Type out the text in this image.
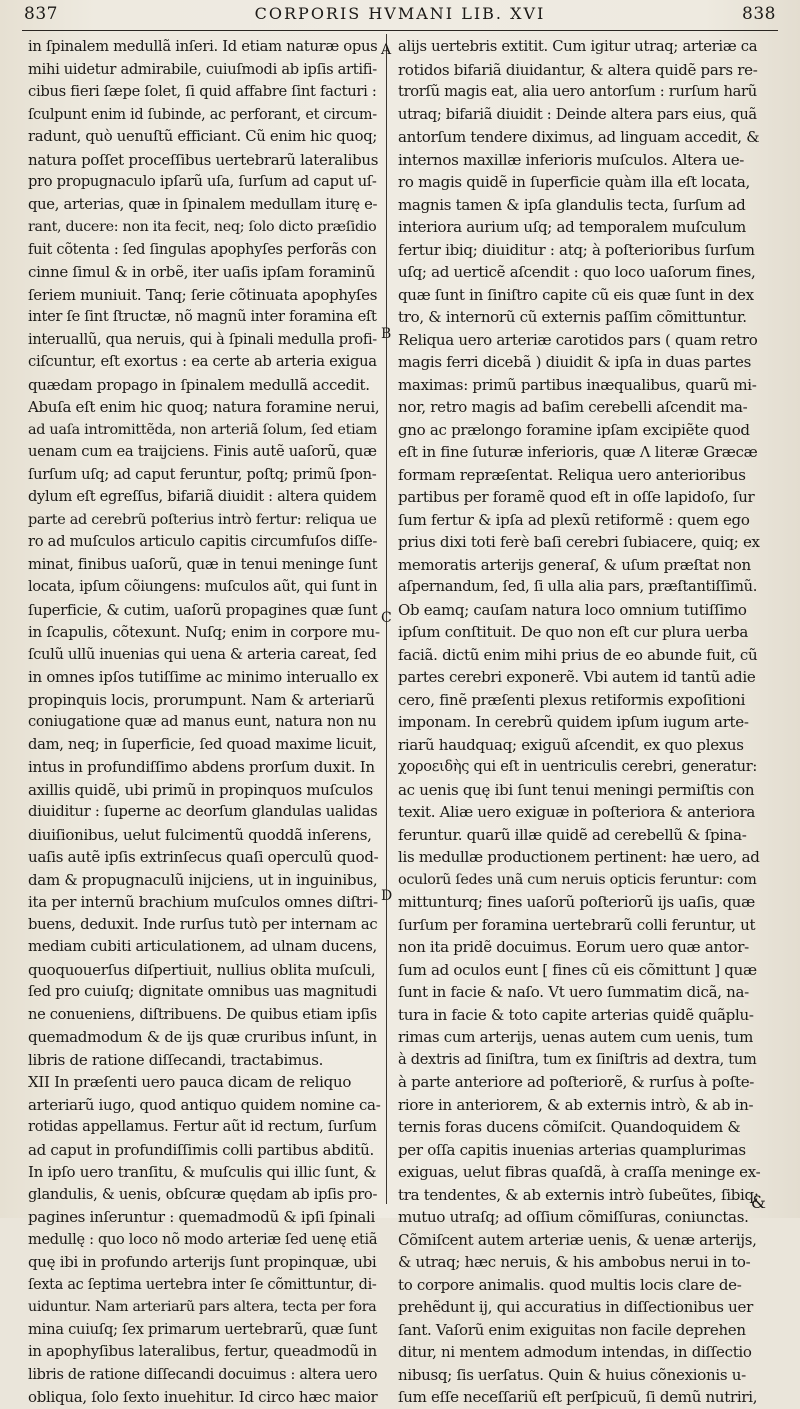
837	CORPORIS HVMANI LIB. XVI	838
in ſpinalem medullã inſeri. Id etiam naturæ opus
mihi uidetur admirabile, cuiuſmodi ab ipſis artifi-
cibus fieri ſæpe ſolet, ſi quid affabre ſint facturi :
ſculpunt enim id ſubinde, ac perforant, et circum-
radunt, quò uenuſtũ efficiant. Cũ enim hic quoq;
natura poſſet proceſſibus uertebrarũ lateralibus
pro propugnaculo ipſarũ uſa, ſurſum ad caput uſ-
que, arterias, quæ in ſpinalem medullam iturę e-
rant, ducere: non ita fecit, neq; ſolo dicto præſidio
fuit cõtenta : ſed ſingulas apophyſes perforãs con
cinne ſimul & in orbẽ, iter uaſis ipſam foraminũ
ſeriem muniuit. Tanq; ſerie cõtinuata apophyſes
inter ſe ſint ſtructæ, nõ magnũ inter foramina eſt
interuallũ, qua neruis, qui à ſpinali medulla profi-
ciſcuntur, eſt exortus : ea certe ab arteria exigua
quædam propago in ſpinalem medullã accedit.
Abuſa eſt enim hic quoq; natura foramine nerui,
ad uaſa intromittẽda, non arteriã ſolum, ſed etiam
uenam cum ea traijciens. Finis autẽ uaſorũ, quæ
ſurſum uſq; ad caput feruntur, poſtq; primũ ſpon-
dylum eſt egreſſus, bifariã diuidit : altera quidem
parte ad cerebrũ poſterius intrò fertur: reliqua ue
ro ad muſculos articulo capitis circumfuſos diſſe-
minat, finibus uaſorũ, quæ in tenui meninge ſunt
locata, ipſum cõiungens: muſculos aũt, qui ſunt in
ſuperficie, & cutim, uaſorũ propagines quæ ſunt
in ſcapulis, cõtexunt. Nuſq; enim in corpore mu-
ſculũ ullũ inuenias qui uena & arteria careat, ſed
in omnes ipſos tutiſſime ac minimo interuallo ex
propinquis locis, prorumpunt. Nam & arteriarũ
coniugatione quæ ad manus eunt, natura non nu
dam, neq; in ſuperficie, ſed quoad maxime licuit,
intus in profundiſſimo abdens prorſum duxit. In
axillis quidẽ, ubi primũ in propinquos muſculos
diuiditur : ſuperne ac deorſum glandulas ualidas
diuiſionibus, uelut fulcimentũ quoddã inſerens,
uaſis autẽ ipſis extrinſecus quaſi operculũ quod-
dam & propugnaculũ inijciens, ut in inguinibus,
ita per internũ brachium muſculos omnes diſtri-
buens, deduxit. Inde rurſus tutò per internam ac
mediam cubiti articulationem, ad ulnam ducens,
quoquouerſus diſpertiuit, nullius oblita muſculi,
ſed pro cuiuſq; dignitate omnibus uas magnitudi
ne conueniens, diſtribuens. De quibus etiam ipſis
quemadmodum & de ijs quæ cruribus inſunt, in
libris de ratione diſſecandi, tractabimus.
XII In præſenti uero pauca dicam de reliquo
arteriarũ iugo, quod antiquo quidem nomine ca-
rotidas appellamus. Fertur aũt id rectum, ſurſum
ad caput in profundiſſimis colli partibus abditũ.
In ipſo uero tranſitu, & muſculis qui illic ſunt, &
glandulis, & uenis, obſcuræ quędam ab ipſis pro-
pagines inſeruntur : quemadmodũ & ipſi ſpinali
medullę : quo loco nõ modo arteriæ ſed uenę etiã
quę ibi in profundo arterijs ſunt propinquæ, ubi
ſexta ac ſeptima uertebra inter ſe cõmittuntur, di-
uiduntur. Nam arteriarũ pars altera, tecta per fora
mina cuiuſq; ſex primarum uertebrarũ, quæ ſunt
in apophyſibus lateralibus, fertur, queadmodũ in
libris de ratione diſſecandi docuimus : altera uero
obliqua, ſolo ſexto inuehitur. Id circo hæc maior
alijs uertebris extitit. Cum igitur utraq; arteriæ ca
rotidos bifariã diuidantur, & altera quidẽ pars re-
trorſũ magis eat, alia uero antorſum : rurſum harũ
utraq; bifariã diuidit : Deinde altera pars eius, quã
antorſum tendere diximus, ad linguam accedit, &
internos maxillæ inferioris muſculos. Altera ue-
ro magis quidẽ in ſuperficie quàm illa eſt locata,
magnis tamen & ipſa glandulis tecta, ſurſum ad
interiora aurium uſq; ad temporalem muſculum
fertur ibiq; diuiditur : atq; à poſterioribus ſurſum
uſq; ad uerticẽ aſcendit : quo loco uaſorum fines,
quæ ſunt in ſiniſtro capite cũ eis quæ ſunt in dex
tro, & internorũ cũ externis paſſim cõmittuntur.
Reliqua uero arteriæ carotidos pars ( quam retro
magis ferri dicebã ) diuidit & ipſa in duas partes
maximas: primũ partibus inæqualibus, quarũ mi-
nor, retro magis ad baſim cerebelli aſcendit ma-
gno ac prælongo foramine ipſam excipiẽte quod
eſt in fine ſuturæ inferioris, quæ Λ literæ Græcæ
formam repræſentat. Reliqua uero anterioribus
partibus per foramẽ quod eſt in oſſe lapidoſo, ſur
ſum fertur & ipſa ad plexũ retiformẽ : quem ego
prius dixi toti ferè baſi cerebri ſubiacere, quiq; ex
memoratis arterijs generaſ, & uſum præſtat non
aſpernandum, ſed, ſi ulla alia pars, præſtantiſſimũ.
Ob eamq; cauſam natura loco omnium tutiſſimo
ipſum conſtituit. De quo non eſt cur plura uerba
faciã. dictũ enim mihi prius de eo abunde fuit, cũ
partes cerebri exponerẽ. Vbi autem id tantũ adie
cero, finẽ præſenti plexus retiformis expoſitioni
imponam. In cerebrũ quidem ipſum iugum arte-
riarũ haudquaq; exiguũ aſcendit, ex quo plexus
χοροειδὴς qui eſt in uentriculis cerebri, generatur:
ac uenis quę ibi ſunt tenui meningi permiſtis con
texit. Aliæ uero exiguæ in poſteriora & anteriora
feruntur. quarũ illæ quidẽ ad cerebellũ & ſpina-
lis medullæ productionem pertinent: hæ uero, ad
oculorũ ſedes unã cum neruis opticis feruntur: com
mittunturq; fines uaſorũ poſteriorũ ijs uaſis, quæ
ſurſum per foramina uertebrarũ colli feruntur, ut
non ita pridẽ docuimus. Eorum uero quæ antor-
ſum ad oculos eunt [ fines cũ eis cõmittunt ] quæ
ſunt in facie & naſo. Vt uero ſummatim dicã, na-
tura in facie & toto capite arterias quidẽ quãplu-
rimas cum arterijs, uenas autem cum uenis, tum
à dextris ad ſiniſtra, tum ex ſiniſtris ad dextra, tum
à parte anteriore ad poſteriorẽ, & rurſus à poſte-
riore in anteriorem, & ab externis intrò, & ab in-
ternis foras ducens cõmiſcit. Quandoquidem &
per oſſa capitis inuenias arterias quamplurimas
exiguas, uelut fibras quaſdã, à craſſa meninge ex-
tra tendentes, & ab externis intrò ſubeũtes, ſibiq;
mutuo utraſq; ad oſſium cõmiſſuras, coniunctas.
Cõmiſcent autem arteriæ uenis, & uenæ arterijs,
& utraq; hæc neruis, & his ambobus nerui in to-
to corpore animalis. quod multis locis clare de-
prehẽdunt ij, qui accuratius in diſſectionibus uer
ſant. Vaſorũ enim exiguitas non facile deprehen
ditur, ni mentem admodum intendas, in diſſectio
nibusq; ſis uerſatus. Quin & huius cõnexionis u-
ſum eſſe neceſſariũ eſt perſpicuũ, ſi demũ nutriri,
A
B
C
D
&
